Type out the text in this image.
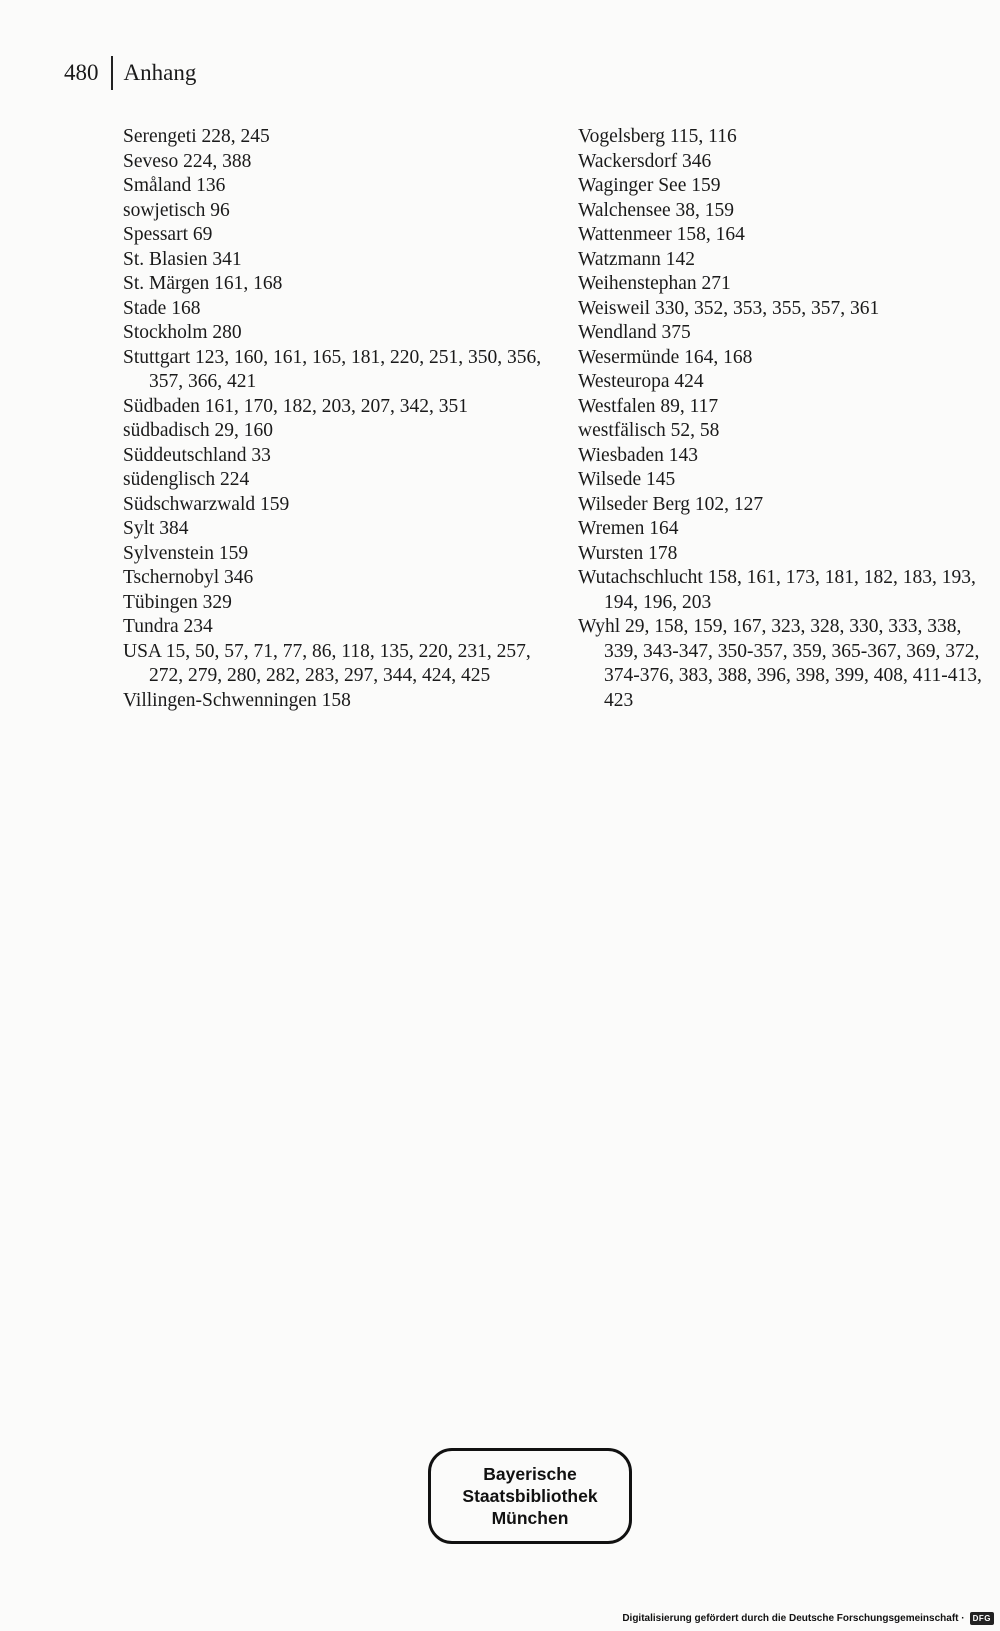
480 Anhang
Serengeti 228, 245
Seveso 224, 388
Småland 136
sowjetisch 96
Spessart 69
St. Blasien 341
St. Märgen 161, 168
Stade 168
Stockholm 280
Stuttgart 123, 160, 161, 165, 181, 220, 251, 350, 356, 357, 366, 421
Südbaden 161, 170, 182, 203, 207, 342, 351
südbadisch 29, 160
Süddeutschland 33
südenglisch 224
Südschwarzwald 159
Sylt 384
Sylvenstein 159
Tschernobyl 346
Tübingen 329
Tundra 234
USA 15, 50, 57, 71, 77, 86, 118, 135, 220, 231, 257, 272, 279, 280, 282, 283, 297, 344, 424, 425
Villingen-Schwenningen 158
Vogelsberg 115, 116
Wackersdorf 346
Waginger See 159
Walchensee 38, 159
Wattenmeer 158, 164
Watzmann 142
Weihenstephan 271
Weisweil 330, 352, 353, 355, 357, 361
Wendland 375
Wesermünde 164, 168
Westeuropa 424
Westfalen 89, 117
westfälisch 52, 58
Wiesbaden 143
Wilsede 145
Wilseder Berg 102, 127
Wremen 164
Wursten 178
Wutachschlucht 158, 161, 173, 181, 182, 183, 193, 194, 196, 203
Wyhl 29, 158, 159, 167, 323, 328, 330, 333, 338, 339, 343-347, 350-357, 359, 365-367, 369, 372, 374-376, 383, 388, 396, 398, 399, 408, 411-413, 423
Bayerische
Staatsbibliothek
München
Digitalisierung gefördert durch die Deutsche Forschungsgemeinschaft ·	DFG
